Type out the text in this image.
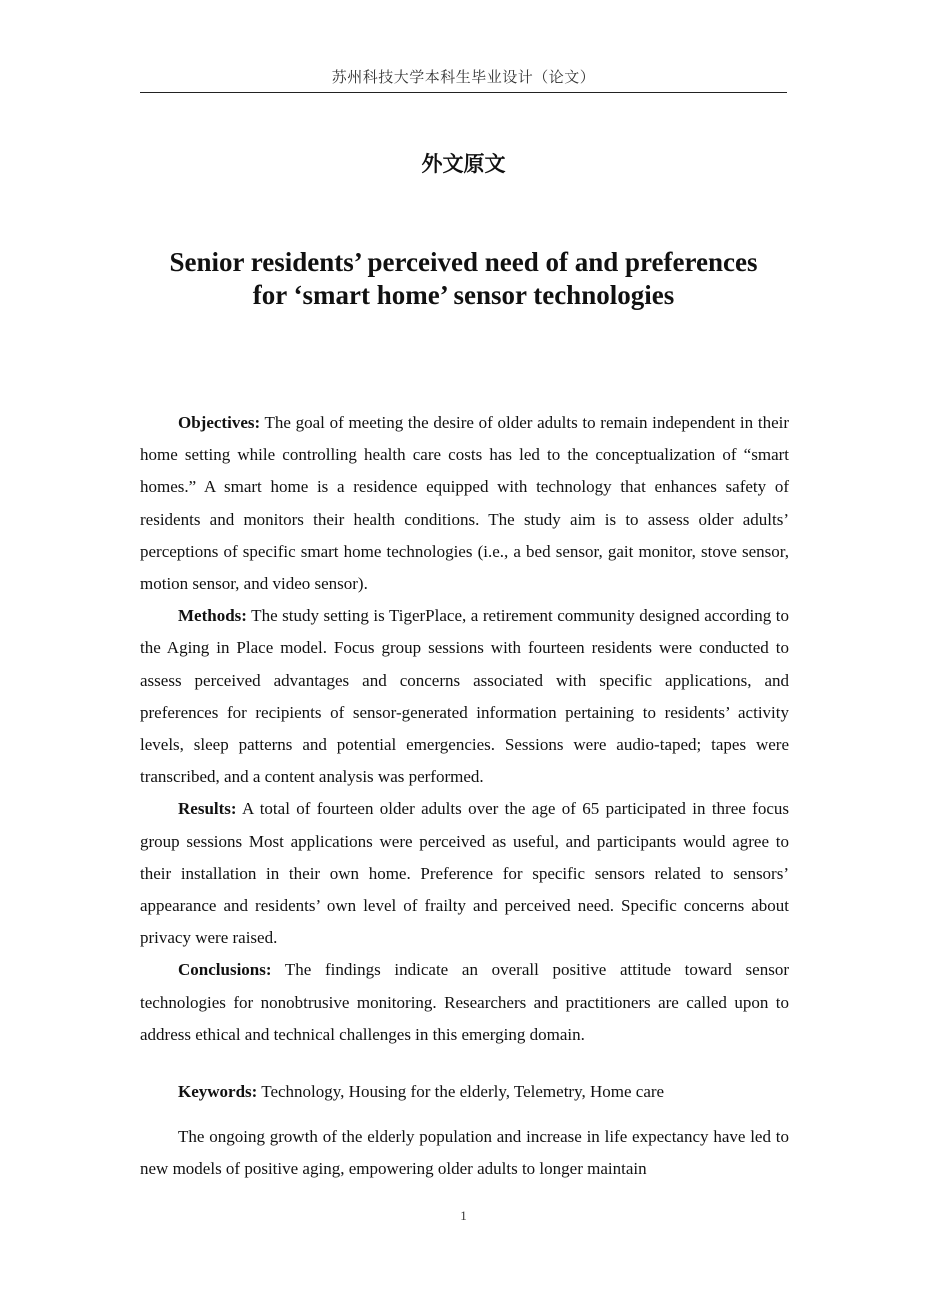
苏州科技大学本科生毕业设计（论文）
外文原文
Senior residents’ perceived need of and preferences
for ‘smart home’ sensor technologies

Objectives: The goal of meeting the desire of older adults to remain independent in their home setting while controlling health care costs has led to the conceptualization of “smart homes.” A smart home is a residence equipped with technology that enhances safety of residents and monitors their health conditions. The study aim is to assess older adults’ perceptions of specific smart home technologies (i.e., a bed sensor, gait monitor, stove sensor, motion sensor, and video sensor).

Methods: The study setting is TigerPlace, a retirement community designed according to the Aging in Place model. Focus group sessions with fourteen residents were conducted to assess perceived advantages and concerns associated with specific applications, and preferences for recipients of sensor-generated information pertaining to residents’ activity levels, sleep patterns and potential emergencies. Sessions were audio-taped; tapes were transcribed, and a content analysis was performed.

Results: A total of fourteen older adults over the age of 65 participated in three focus group sessions Most applications were perceived as useful, and participants would agree to their installation in their own home. Preference for specific sensors related to sensors’ appearance and residents’ own level of frailty and perceived need. Specific concerns about privacy were raised.

Conclusions: The findings indicate an overall positive attitude toward sensor technologies for nonobtrusive monitoring. Researchers and practitioners are called upon to address ethical and technical challenges in this emerging domain.

Keywords: Technology, Housing for the elderly, Telemetry, Home care

The ongoing growth of the elderly population and increase in life expectancy have led to new models of positive aging, empowering older adults to longer maintain

1
